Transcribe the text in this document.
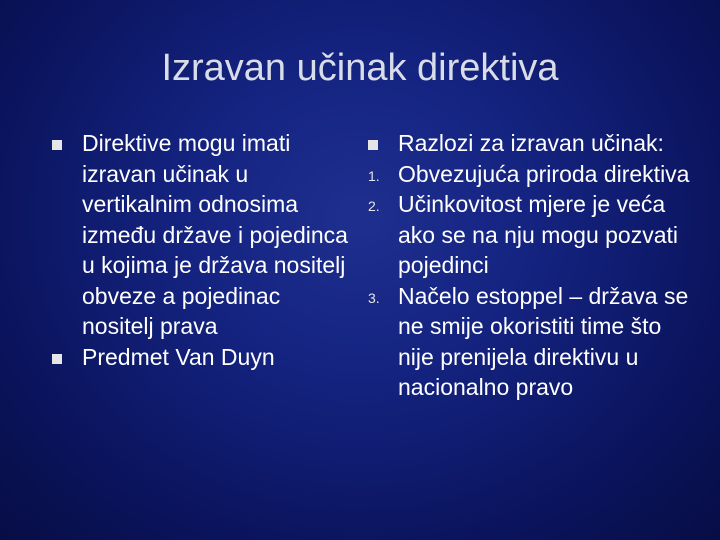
Izravan učinak direktiva
Direktive mogu imati izravan učinak u vertikalnim odnosima između države i pojedinca u kojima je država nositelj obveze a pojedinac nositelj prava
Predmet Van Duyn
Razlozi za izravan učinak:
1. Obvezujuća priroda direktiva
2. Učinkovitost mjere je veća ako se na nju mogu pozvati pojedinci
3. Načelo estoppel – država se ne smije okoristiti time što nije prenijela direktivu u nacionalno pravo
